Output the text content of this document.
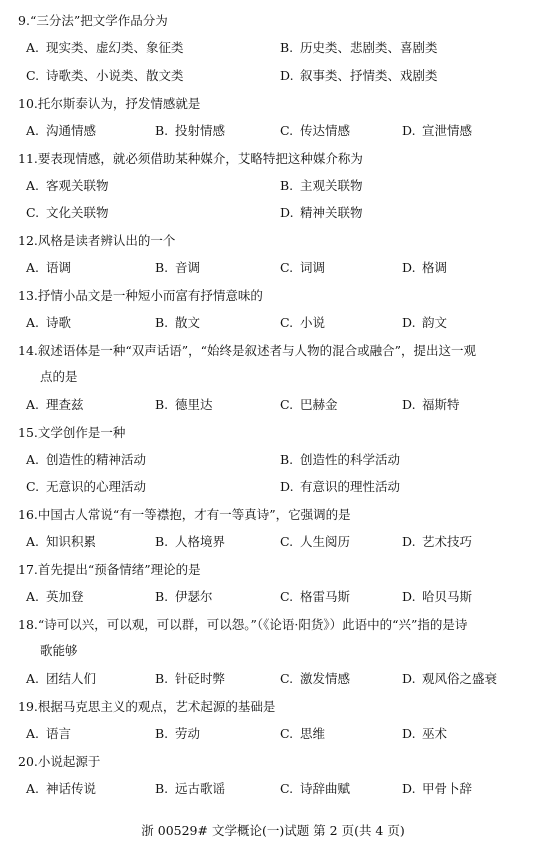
9.“三分法”把文学作品分为
A. 现实类、虚幻类、象征类	B. 历史类、悲剧类、喜剧类
C. 诗歌类、小说类、散文类	D. 叙事类、抒情类、戏剧类
10.托尔斯泰认为，抒发情感就是
A. 沟通情感	B. 投射情感	C. 传达情感	D. 宣泄情感
11.要表现情感，就必须借助某种媒介，艾略特把这种媒介称为
A. 客观关联物	B. 主观关联物
C. 文化关联物	D. 精神关联物
12.风格是读者辨认出的一个
A. 语调	B. 音调	C. 词调	D. 格调
13.抒情小品文是一种短小而富有抒情意味的
A. 诗歌	B. 散文	C. 小说	D. 韵文
14.叙述语体是一种“双声话语”，“始终是叙述者与人物的混合或融合”，提出这一观
点的是
A. 理查兹	B. 德里达	C. 巴赫金	D. 福斯特
15.文学创作是一种
A. 创造性的精神活动	B. 创造性的科学活动
C. 无意识的心理活动	D. 有意识的理性活动
16.中国古人常说“有一等襟抱，才有一等真诗”，它强调的是
A. 知识积累	B. 人格境界	C. 人生阅历	D. 艺术技巧
17.首先提出“预备情绪”理论的是
A. 英加登	B. 伊瑟尔	C. 格雷马斯	D. 哈贝马斯
18.“诗可以兴，可以观，可以群，可以怨。”（《论语·阳货》）此语中的“兴”指的是诗
歌能够
A. 团结人们	B. 针砭时弊	C. 激发情感	D. 观风俗之盛衰
19.根据马克思主义的观点，艺术起源的基础是
A. 语言	B. 劳动	C. 思维	D. 巫术
20.小说起源于
A. 神话传说	B. 远古歌谣	C. 诗辞曲赋	D. 甲骨卜辞
浙 00529# 文学概论(一)试题 第 2 页(共 4 页)
